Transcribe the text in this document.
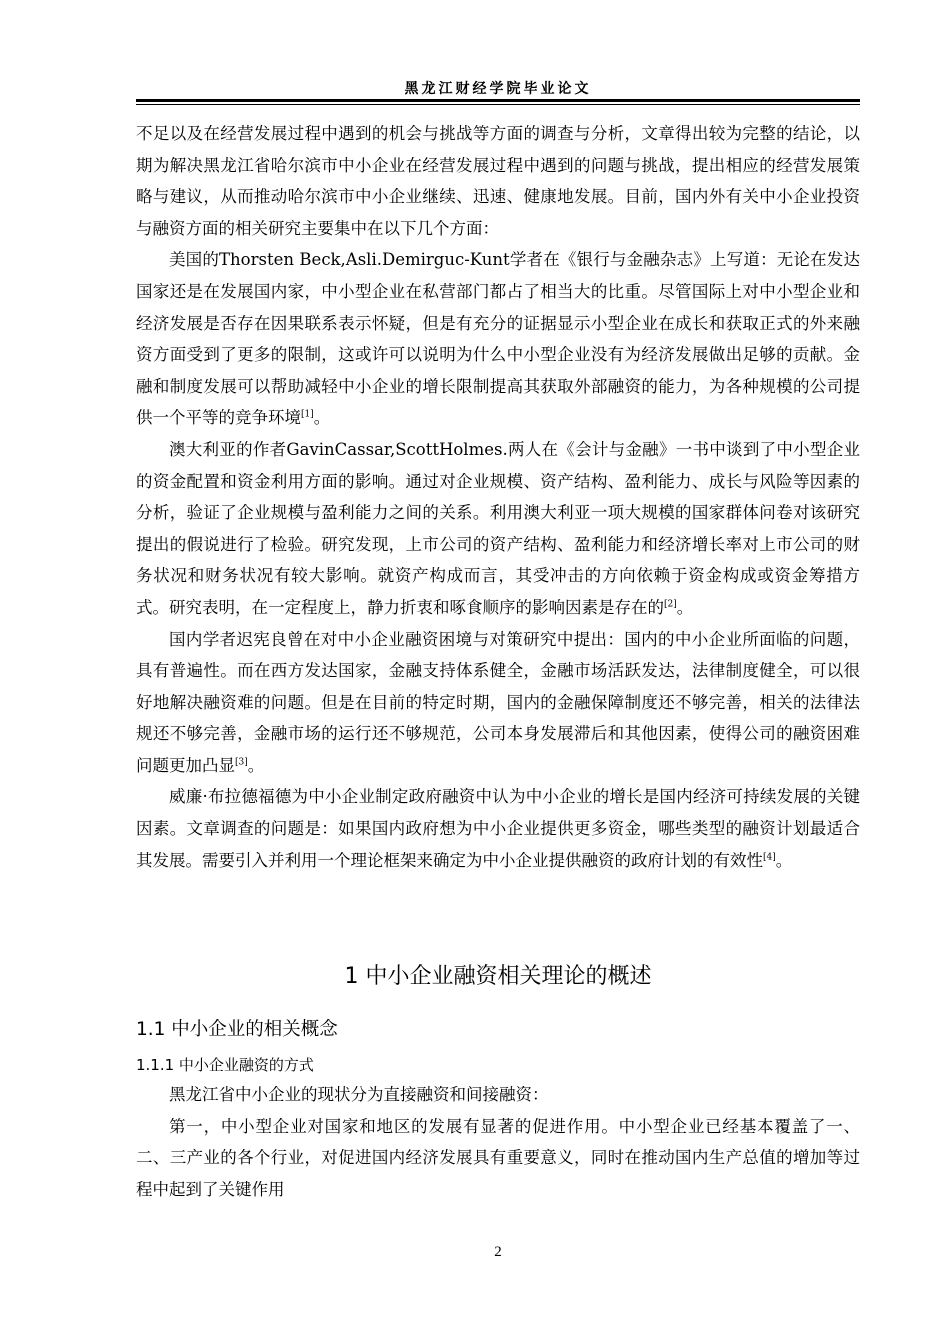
黑龙江财经学院毕业论文

不足以及在经营发展过程中遇到的机会与挑战等方面的调查与分析，文章得出较为完整的结论，以期为解决黑龙江省哈尔滨市中小企业在经营发展过程中遇到的问题与挑战，提出相应的经营发展策略与建议，从而推动哈尔滨市中小企业继续、迅速、健康地发展。目前，国内外有关中小企业投资与融资方面的相关研究主要集中在以下几个方面：

美国的Thorsten Beck,Asli.Demirguc-Kunt学者在《银行与金融杂志》上写道：无论在发达国家还是在发展国内家，中小型企业在私营部门都占了相当大的比重。尽管国际上对中小型企业和经济发展是否存在因果联系表示怀疑，但是有充分的证据显示小型企业在成长和获取正式的外来融资方面受到了更多的限制，这或许可以说明为什么中小型企业没有为经济发展做出足够的贡献。金融和制度发展可以帮助减轻中小企业的增长限制提高其获取外部融资的能力，为各种规模的公司提供一个平等的竞争环境[1]。

澳大利亚的作者GavinCassar,ScottHolmes.两人在《会计与金融》一书中谈到了中小型企业的资金配置和资金利用方面的影响。通过对企业规模、资产结构、盈利能力、成长与风险等因素的分析，验证了企业规模与盈利能力之间的关系。利用澳大利亚一项大规模的国家群体问卷对该研究提出的假说进行了检验。研究发现，上市公司的资产结构、盈利能力和经济增长率对上市公司的财务状况和财务状况有较大影响。就资产构成而言，其受冲击的方向依赖于资金构成或资金筹措方式。研究表明，在一定程度上，静力折衷和啄食顺序的影响因素是存在的[2]。

国内学者迟宪良曾在对中小企业融资困境与对策研究中提出：国内的中小企业所面临的问题，具有普遍性。而在西方发达国家，金融支持体系健全，金融市场活跃发达，法律制度健全，可以很好地解决融资难的问题。但是在目前的特定时期，国内的金融保障制度还不够完善，相关的法律法规还不够完善，金融市场的运行还不够规范，公司本身发展滞后和其他因素，使得公司的融资困难问题更加凸显[3]。

威廉·布拉德福德为中小企业制定政府融资中认为中小企业的增长是国内经济可持续发展的关键因素。文章调查的问题是：如果国内政府想为中小企业提供更多资金，哪些类型的融资计划最适合其发展。需要引入并利用一个理论框架来确定为中小企业提供融资的政府计划的有效性[4]。

1 中小企业融资相关理论的概述
1.1 中小企业的相关概念
1.1.1 中小企业融资的方式

黑龙江省中小企业的现状分为直接融资和间接融资：

第一，中小型企业对国家和地区的发展有显著的促进作用。中小型企业已经基本覆盖了一、二、三产业的各个行业，对促进国内经济发展具有重要意义，同时在推动国内生产总值的增加等过程中起到了关键作用

2
